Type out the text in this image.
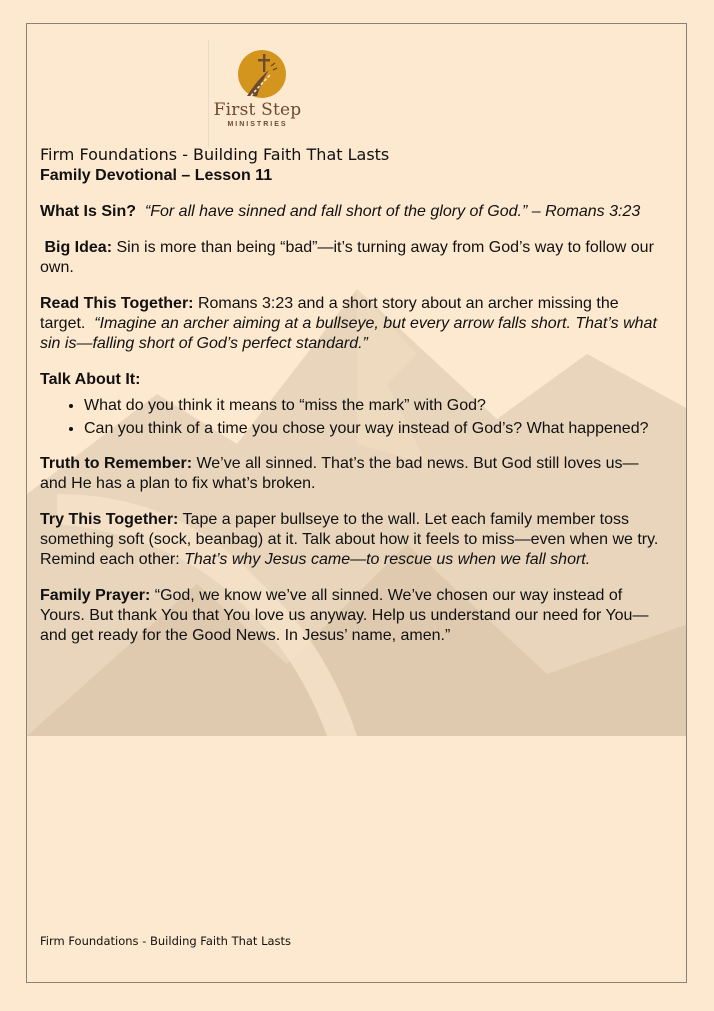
First Step
MINISTRIES

Firm Foundations - Building Faith That Lasts

Family Devotional – Lesson 11

What Is Sin? “For all have sinned and fall short of the glory of God.” – Romans 3:23

Big Idea: Sin is more than being “bad”—it’s turning away from God’s way to follow our own.

Read This Together: Romans 3:23 and a short story about an archer missing the target. “Imagine an archer aiming at a bullseye, but every arrow falls short. That’s what sin is—falling short of God’s perfect standard.”

Talk About It:

• What do you think it means to “miss the mark” with God?
• Can you think of a time you chose your way instead of God’s? What happened?

Truth to Remember: We’ve all sinned. That’s the bad news. But God still loves us—and He has a plan to fix what’s broken.

Try This Together: Tape a paper bullseye to the wall. Let each family member toss something soft (sock, beanbag) at it. Talk about how it feels to miss—even when we try. Remind each other: That’s why Jesus came—to rescue us when we fall short.

Family Prayer: “God, we know we’ve all sinned. We’ve chosen our way instead of Yours. But thank You that You love us anyway. Help us understand our need for You—and get ready for the Good News. In Jesus’ name, amen.”

Firm Foundations - Building Faith That Lasts
